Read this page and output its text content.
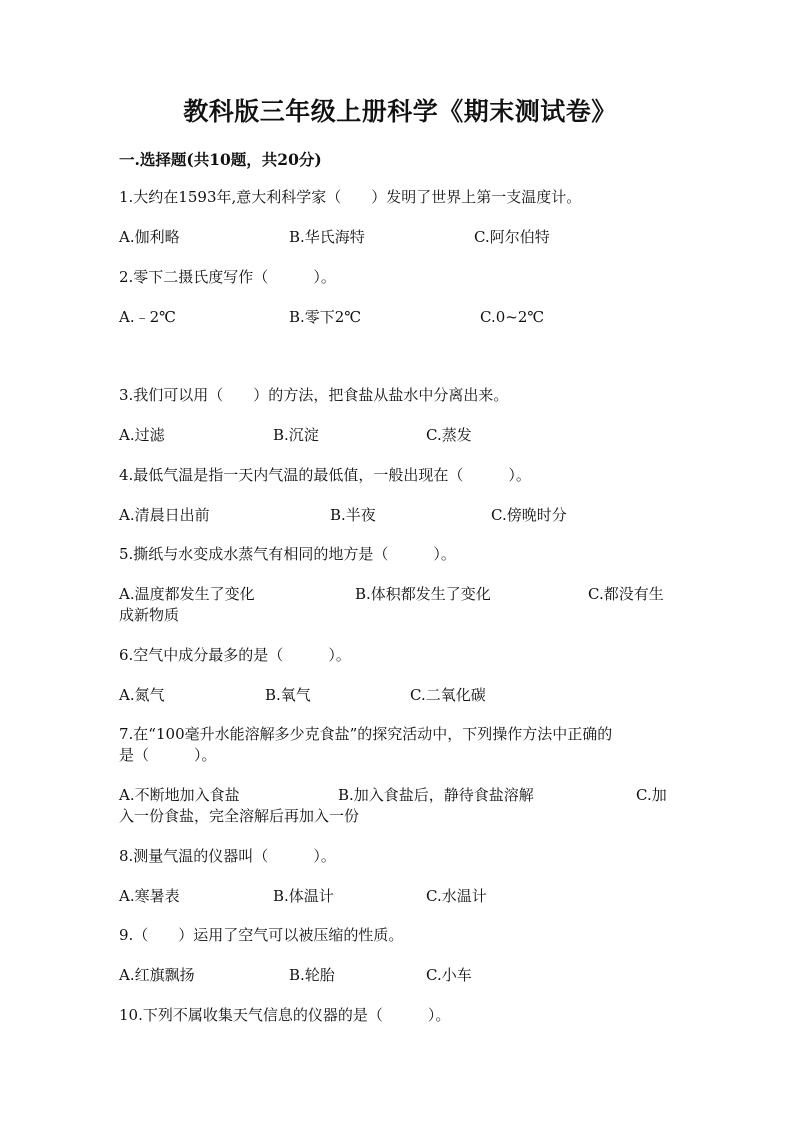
教科版三年级上册科学《期末测试卷》
一.选择题(共10题，共20分)
1.大约在1593年,意大利科学家（　　）发明了世界上第一支温度计。
A.伽利略	B.华氏海特	C.阿尔伯特
2.零下二摄氏度写作（　　　）。
A.﹣2℃	B.零下2℃	C.0~2℃
3.我们可以用（　　）的方法，把食盐从盐水中分离出来。
A.过滤	B.沉淀	C.蒸发
4.最低气温是指一天内气温的最低值，一般出现在（　　　）。
A.清晨日出前	B.半夜	C.傍晚时分
5.撕纸与水变成水蒸气有相同的地方是（　　　）。
A.温度都发生了变化	B.体积都发生了变化	C.都没有生
成新物质
6.空气中成分最多的是（　　　）。
A.氮气	B.氧气	C.二氧化碳
7.在“100毫升水能溶解多少克食盐”的探究活动中，下列操作方法中正确的
是（　　　）。
A.不断地加入食盐	B.加入食盐后，静待食盐溶解	C.加
入一份食盐，完全溶解后再加入一份
8.测量气温的仪器叫（　　　）。
A.寒暑表	B.体温计	C.水温计
9.（　　）运用了空气可以被压缩的性质。
A.红旗飘扬	B.轮胎	C.小车
10.下列不属收集天气信息的仪器的是（　　　）。
